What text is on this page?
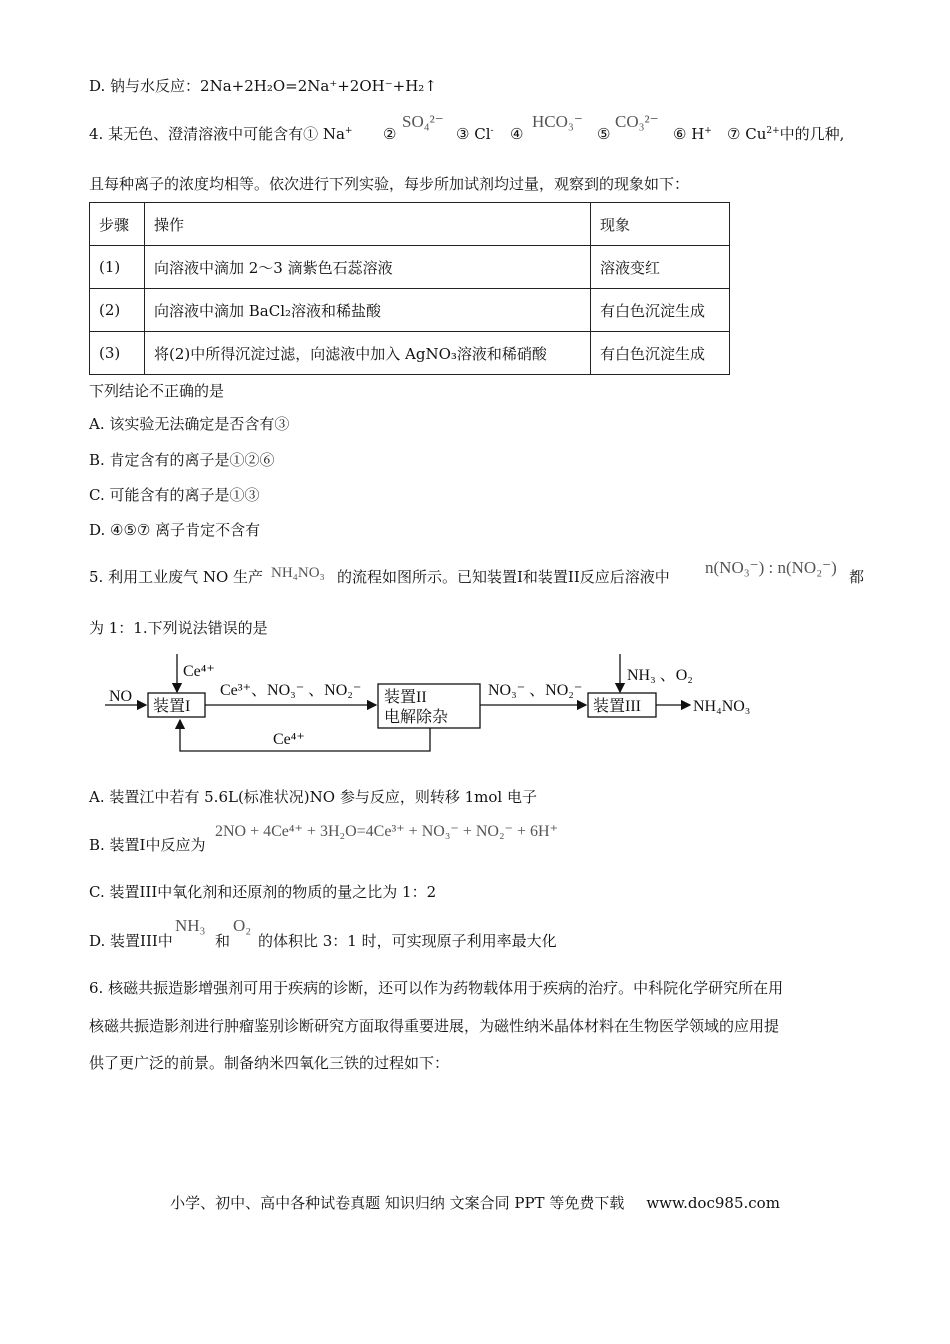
D. 钠与水反应：2Na+2H₂O=2Na⁺+2OH⁻+H₂↑
4. 某无色、澄清溶液中可能含有① Na+ ②
SO₄²⁻
③ Cl- ④
HCO₃⁻
⑤
CO₃²⁻
⑥ H+ ⑦ $Cu^{2+}$中的几种,
且每种离子的浓度均相等。依次进行下列实验，每步所加试剂均过量，观察到的现象如下：
步骤	操作	现象
(1)	向溶液中滴加 2～3 滴紫色石蕊溶液	溶液变红
(2)	向溶液中滴加 BaCl₂溶液和稀盐酸	有白色沉淀生成
(3)	将(2)中所得沉淀过滤，向滤液中加入 AgNO₃溶液和稀硝酸	有白色沉淀生成
下列结论不正确的是
A. 该实验无法确定是否含有③
B. 肯定含有的离子是①②⑥
C. 可能含有的离子是①③
D. ④⑤⑦ 离子肯定不含有
5. 利用工业废气 NO 生产 NH₄NO₃ 的流程如图所示。已知装置I和装置II反应后溶液中 n(NO₃⁻) : n(NO₂⁻) 都
为 1：1.下列说法错误的是
NO
Ce⁴⁺
装置I
Ce³⁺、NO₃⁻ 、NO₂⁻ 装置II
电解除杂
NO₃⁻ 、NO₂⁻
NH₃ 、O₂
装置III	NH₄NO₃
Ce⁴⁺
A. 装置江中若有 5.6L(标准状况)NO 参与反应，则转移 1mol 电子
B. 装置I中反应为
2NO + 4Ce⁴⁺ + 3H₂O=4Ce³⁺ + NO₃⁻ + NO₂⁻ + 6H⁺
C. 装置III中氧化剂和还原剂的物质的量之比为 1：2
D. 装置III中
NH₃
和
O₂
的体积比 3：1 时，可实现原子利用率最大化
6. 核磁共振造影增强剂可用于疾病的诊断，还可以作为药物载体用于疾病的治疗。中科院化学研究所在用
核磁共振造影剂进行肿瘤鉴别诊断研究方面取得重要进展，为磁性纳米晶体材料在生物医学领域的应用提
供了更广泛的前景。制备纳米四氧化三铁的过程如下：
小学、初中、高中各种试卷真题 知识归纳 文案合同 PPT 等免费下载 www.doc985.com
